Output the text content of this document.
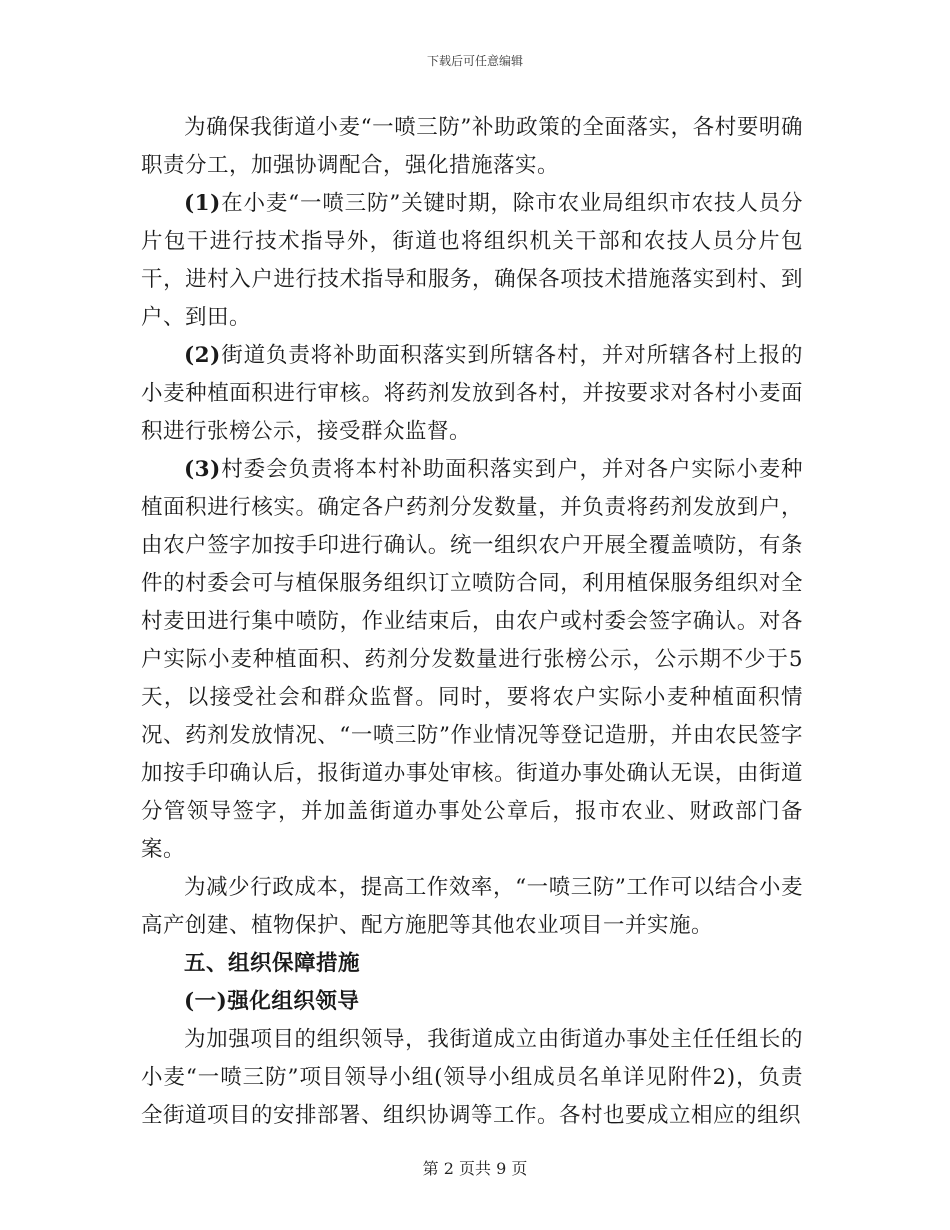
下载后可任意编辑

为确保我街道小麦“一喷三防”补助政策的全面落实，各村要明确职责分工，加强协调配合，强化措施落实。

(1)在小麦“一喷三防”关键时期，除市农业局组织市农技人员分片包干进行技术指导外，街道也将组织机关干部和农技人员分片包干，进村入户进行技术指导和服务，确保各项技术措施落实到村、到户、到田。

(2)街道负责将补助面积落实到所辖各村，并对所辖各村上报的小麦种植面积进行审核。将药剂发放到各村，并按要求对各村小麦面积进行张榜公示，接受群众监督。

(3)村委会负责将本村补助面积落实到户，并对各户实际小麦种植面积进行核实。确定各户药剂分发数量，并负责将药剂发放到户，由农户签字加按手印进行确认。统一组织农户开展全覆盖喷防，有条件的村委会可与植保服务组织订立喷防合同，利用植保服务组织对全村麦田进行集中喷防，作业结束后，由农户或村委会签字确认。对各户实际小麦种植面积、药剂分发数量进行张榜公示，公示期不少于5天，以接受社会和群众监督。同时，要将农户实际小麦种植面积情况、药剂发放情况、“一喷三防”作业情况等登记造册，并由农民签字加按手印确认后，报街道办事处审核。街道办事处确认无误，由街道分管领导签字，并加盖街道办事处公章后，报市农业、财政部门备案。

为减少行政成本，提高工作效率，“一喷三防”工作可以结合小麦高产创建、植物保护、配方施肥等其他农业项目一并实施。

五、组织保障措施

(一)强化组织领导

为加强项目的组织领导，我街道成立由街道办事处主任任组长的小麦“一喷三防”项目领导小组(领导小组成员名单详见附件2)，负责全街道项目的安排部署、组织协调等工作。各村也要成立相应的组织

第 2 页共 9 页
